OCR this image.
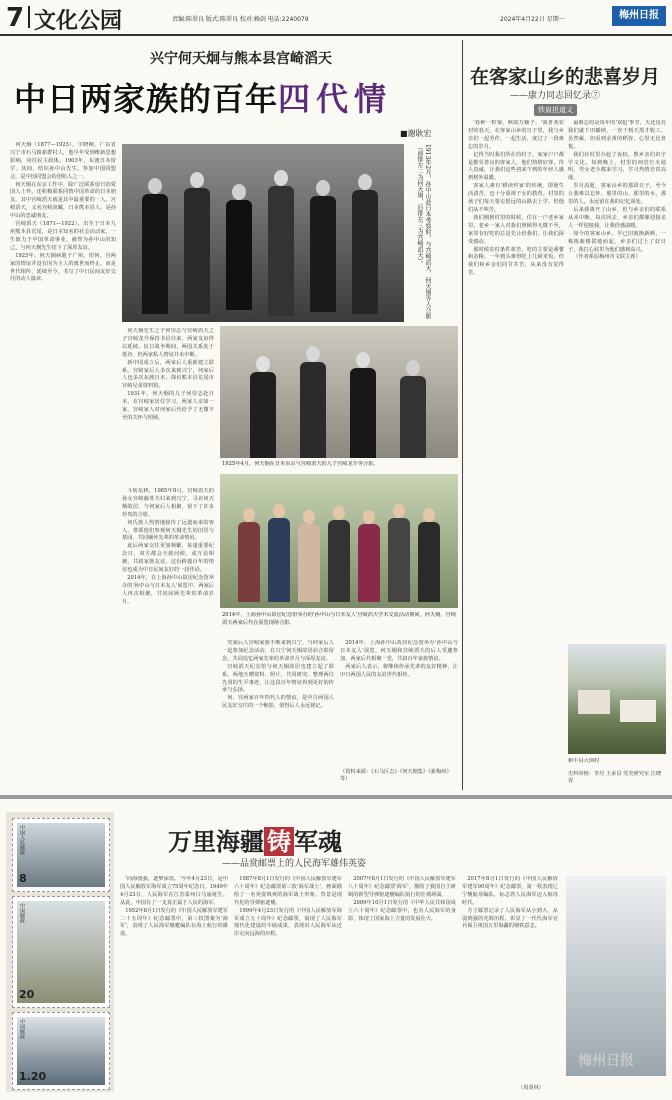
7 文化公园	责编:陈翠良 版式:陈翠良 校对:赖剑 电话:2240079	2024年4月22日 星期一	梅州日报
兴宁何天炯与熊本县宫崎滔天
中日两家族的百年四代情
■谢耿宏
何天炯（1877—1925），字晓柳，广东省兴宁市石马镇新群村人，他早年受到维新思想影响，向往民主政体。1903年，东渡日本留学。其间，结识孙中山先生，参加中国同盟会，是中国同盟会的创始人之一。
何天炯在东京工作中，除广泛联系留日的爱国人士外，还积极联系同情中国革命的日本朋友，其中宫崎滔天就是其中最重要的一人。宫崎滔天，又名宫崎寅藏，日本熊本县人，是孙中山的忠诚朋友。
宫崎滔天（1871—1922），出生于日本九州熊本县荒尾，是日本知名的社会活动家，一生致力于中国革命事业，被誉为孙中山的知己，与何天炯先生结下了深厚友谊。
1925年，何天炯病逝于广州。但何、宫两家的情谊并没有因为主人的离世而终止，而是世代相传，延续至今，书写了中日民间友好交往的动人篇章。	1913年2月，孙中山赴日本考察时，与宫崎滔天、何天炯等人合影（前排左二为何天炯，后排左三为宫崎滔天）。
何天炯先生之子何崇志与宫崎滔天之子宫崎龙介保持书信往来，两家友谊得以延续。抗日战争期间，两国关系处于低谷，但两家私人情谊并未中断。
新中国成立后，两家后人重新建立联系。宫崎家后人多次来到兴宁，何家后人也多次东渡日本，探访熊本县荒尾市宫崎兄弟资料馆。
1931年，何天炯的儿子何崇志赴日本，在宫崎家居住学习，两家人亲如一家。宫崎家人对何家后代给予了无微不至的关怀与照顾。
1925年4月，何天炯在日本东京与宫崎滔天的儿子宫崎龙介等合影。
斗转星移，1985年8月，宫崎滔天的孙女宫崎蕗苳夫妇来到兴宁，寻访何天炯故居，与何家后人相聚，留下了许多珍贵的合影。
何氏族人热情地接待了远道而来的客人，带领他们参观何天炯先生的旧居与墓园，共同缅怀先辈的革命情谊。
此后两家交往更加频繁，每逢重要纪念日，双方都会互致问候，或互访相聚，共叙家族友谊，这份跨越百年的情谊也成为中日民间友好的一段佳话。
2014年，在上海孙中山故居纪念馆举办的'孙中山与日本友人'展览中，两家后人再次相聚，共同回顾先辈的革命岁月。
2014年，上海孙中山故居纪念馆举办的'孙中山与日本友人'宫崎滔天学术交流活动期间，何天炯、宫崎滔天两家后代在展览现场合影。
党家后人宫崎家族不断来到兴宁，与何家后人一起参加纪念活动，在兴宁何天炯故居前合影留念，共同追忆两家先辈的革命岁月与深厚友谊。
宫崎滔天纪念馆与何天炯故居也建立起了联系，两地互赠资料、照片，共同研究、整理两位先贤的生平事迹，让这段百年情谊得到更好的传承与弘扬。
何、宫两家百年四代人的情谊，是中日两国人民友好交往的一个缩影，值得后人永远铭记。
2014年，上海孙中山故居纪念馆举办'孙中山与日本友人'展览，何天炯和宫崎滔天的后人受邀参加，两家后代相聚一堂，共叙百年家族情谊。
两家后人表示，将继续传承先辈的友好精神，让中日两国人民的友谊世代相传。
（资料来源：《石马区志》《何天炯集》《新梅州》等）
在客家山乡的悲喜岁月
——康力同志回忆录⑦
铁肩担道义
'春种一粒粟，秋收万颗子。'我喜欢农村的春天，在客家山乡的日子里，我与乡亲们一起劳作，一起生活，度过了一段难忘的岁月。
记得当时我们所在的村子，家家户户都是勤劳善良的客家人，他们热情好客，待人真诚，让我们这些初来乍到的年轻人感到格外温暖。
客家人素有'耕读传家'的传统，即使生活清苦，也十分重视子女的教育。村里的孩子们每天要走很远的山路去上学，但他们从不叫苦。
我们刚到村里的时候，住在一户老乡家里。老乡一家人对我们照顾得无微不至，家里有好吃的总是先让给我们，让我们深受感动。
那时候农村条件艰苦，吃的主要是番薯和杂粮，一年到头难得吃上几顿米饭。但我们和乡亲们同甘共苦，从来没有觉得苦。
最难忘的是每年的'双抢'季节，天还没亮我们就下田插秧，一直干到天黑才收工，虽然累，但看到金黄的稻谷，心里无比喜悦。
我们在村里办起了夜校，教乡亲们识字学文化。每到晚上，村里的祠堂灯火通明，男女老少都来学习，学习热情非常高涨。
岁月流逝，客家山乡的那段日子，至今让我难以忘怀。那里的山、那里的水、那里的人，永远留在我的记忆深处。
后来我离开了山乡，但与乡亲们的联系从未中断。每次回去，乡亲们都像迎接亲人一样迎接我，让我倍感温暖。
如今的客家山乡，早已旧貌换新颜，一栋栋新楼拔地而起，乡亲们过上了好日子，我打心底里为他们感到高兴。
（作者系原梅州市文联主席）
中国人民邮政
8
中国邮政
20
中国邮政
1.20
万里海疆 铸 军魂
——品赏邮票上的人民海军雄伟英姿
'向海图强，逐梦深蓝。'今年4月23日，是中国人民解放军海军成立75周年纪念日。1949年4月23日，人民海军在江苏泰州白马庙诞生。从此，中国有了一支真正属于人民的海军。
1952年8月1日发行的《中国人民解放军建军二十五周年》纪念邮票中，第三枚图案为'海军'，表现了人民海军舰艇编队在海上航行的雄姿。
1987年8月1日发行的《中国人民解放军建军六十周年》纪念邮票第三枚'海军战士'，画面描绘了一名英姿飒爽的海军战士形象，背景是现代化的导弹驱逐舰。
1999年4月23日发行的《中国人民解放军海军成立五十周年》纪念邮票，展现了人民海军现代化建设的丰硕成果，表现出人民海军从近岸走向远海的历程。
2007年8月1日发行的《中国人民解放军建军八十周年》纪念邮票'海军'，描绘了我国自主研制的新型导弹驱逐舰编队航行的壮观场面。
2009年10月1日发行的《中华人民共和国成立六十周年》纪念邮票中，也有人民海军的身影，体现了国家海上力量的发展壮大。
2017年8月1日发行的《中国人民解放军建军90周年》纪念邮票，第一枚表现辽宁舰航母编队，标志着人民海军迈入航母时代。
方寸邮票记录了人民海军从小到大、从弱到强的光辉历程，彰显了一代代海军官兵保卫祖国万里海疆的钢铁意志。
（周贤林）
和平县大坝村
史料审核：李丹 王承县 党史研究室 江晓春
梅州日报
